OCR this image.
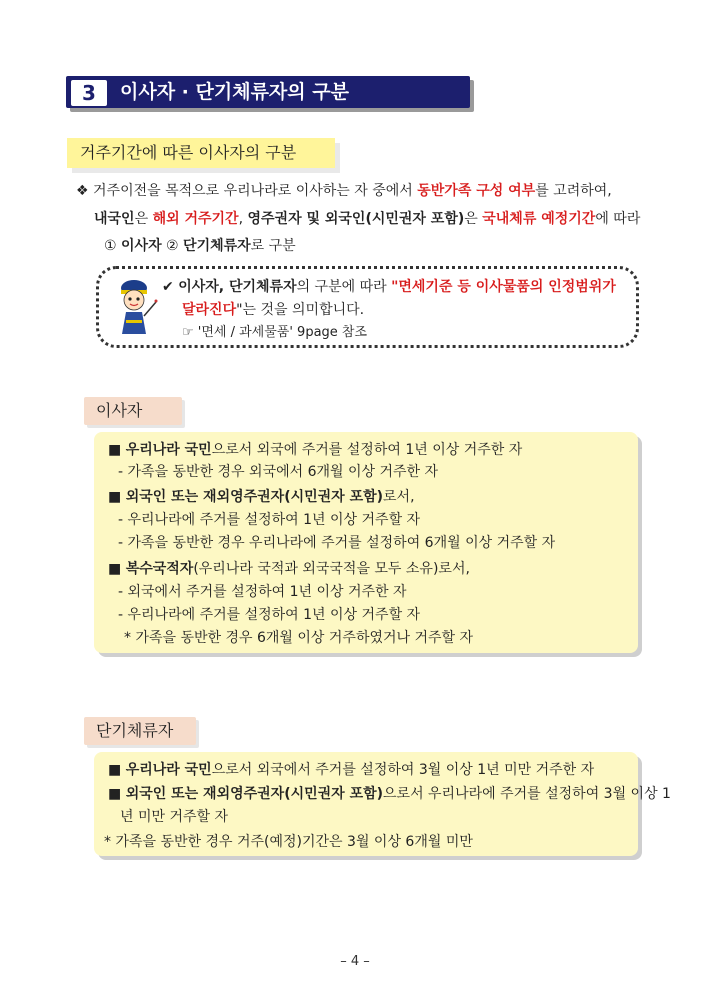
3	이사자 · 단기체류자의 구분
거주기간에 따른 이사자의 구분
❖ 거주이전을 목적으로 우리나라로 이사하는 자 중에서 동반가족 구성 여부를 고려하여,
내국인은 해외 거주기간, 영주권자 및 외국인(시민권자 포함)은 국내체류 예정기간에 따라
① 이사자 ② 단기체류자로 구분
✔ 이사자, 단기체류자의 구분에 따라 "면세기준 등 이사물품의 인정범위가
달라진다"는 것을 의미합니다.
☞ '면세 / 과세물품' 9page 참조
이사자
■ 우리나라 국민으로서 외국에 주거를 설정하여 1년 이상 거주한 자
- 가족을 동반한 경우 외국에서 6개월 이상 거주한 자
■ 외국인 또는 재외영주권자(시민권자 포함)로서,
- 우리나라에 주거를 설정하여 1년 이상 거주할 자
- 가족을 동반한 경우 우리나라에 주거를 설정하여 6개월 이상 거주할 자
■ 복수국적자(우리나라 국적과 외국국적을 모두 소유)로서,
- 외국에서 주거를 설정하여 1년 이상 거주한 자
- 우리나라에 주거를 설정하여 1년 이상 거주할 자
* 가족을 동반한 경우 6개월 이상 거주하였거나 거주할 자
단기체류자
■ 우리나라 국민으로서 외국에서 주거를 설정하여 3월 이상 1년 미만 거주한 자
■ 외국인 또는 재외영주권자(시민권자 포함)으로서 우리나라에 주거를 설정하여 3월 이상 1
년 미만 거주할 자
* 가족을 동반한 경우 거주(예정)기간은 3월 이상 6개월 미만
– 4 –
